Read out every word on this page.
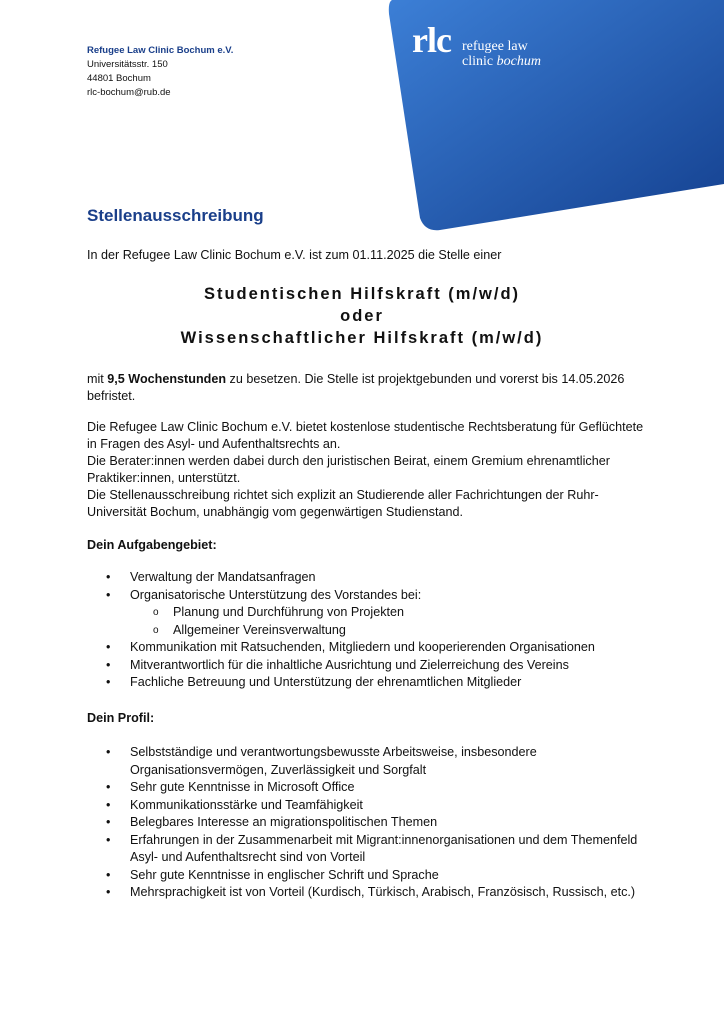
rlc refugee law
clinic bochum
Refugee Law Clinic Bochum e.V.
Universitätsstr. 150
44801 Bochum
rlc-bochum@rub.de
Stellenausschreibung
In der Refugee Law Clinic Bochum e.V. ist zum 01.11.2025 die Stelle einer
Studentischen Hilfskraft (m/w/d)
oder
Wissenschaftlicher Hilfskraft (m/w/d)
mit 9,5 Wochenstunden zu besetzen. Die Stelle ist projektgebunden und vorerst bis 14.05.2026 befristet.
Die Refugee Law Clinic Bochum e.V. bietet kostenlose studentische Rechtsberatung für Geflüchtete in Fragen des Asyl- und Aufenthaltsrechts an.
Die Berater:innen werden dabei durch den juristischen Beirat, einem Gremium ehrenamtlicher Praktiker:innen, unterstützt.
Die Stellenausschreibung richtet sich explizit an Studierende aller Fachrichtungen der Ruhr-Universität Bochum, unabhängig vom gegenwärtigen Studienstand.
Dein Aufgabengebiet:
• Verwaltung der Mandatsanfragen
• Organisatorische Unterstützung des Vorstandes bei:
o Planung und Durchführung von Projekten
o Allgemeiner Vereinsverwaltung
• Kommunikation mit Ratsuchenden, Mitgliedern und kooperierenden Organisationen
• Mitverantwortlich für die inhaltliche Ausrichtung und Zielerreichung des Vereins
• Fachliche Betreuung und Unterstützung der ehrenamtlichen Mitglieder
Dein Profil:
• Selbstständige und verantwortungsbewusste Arbeitsweise, insbesondere Organisationsvermögen, Zuverlässigkeit und Sorgfalt
• Sehr gute Kenntnisse in Microsoft Office
• Kommunikationsstärke und Teamfähigkeit
• Belegbares Interesse an migrationspolitischen Themen
• Erfahrungen in der Zusammenarbeit mit Migrant:innenorganisationen und dem Themenfeld Asyl- und Aufenthaltsrecht sind von Vorteil
• Sehr gute Kenntnisse in englischer Schrift und Sprache
• Mehrsprachigkeit ist von Vorteil (Kurdisch, Türkisch, Arabisch, Französisch, Russisch, etc.)
